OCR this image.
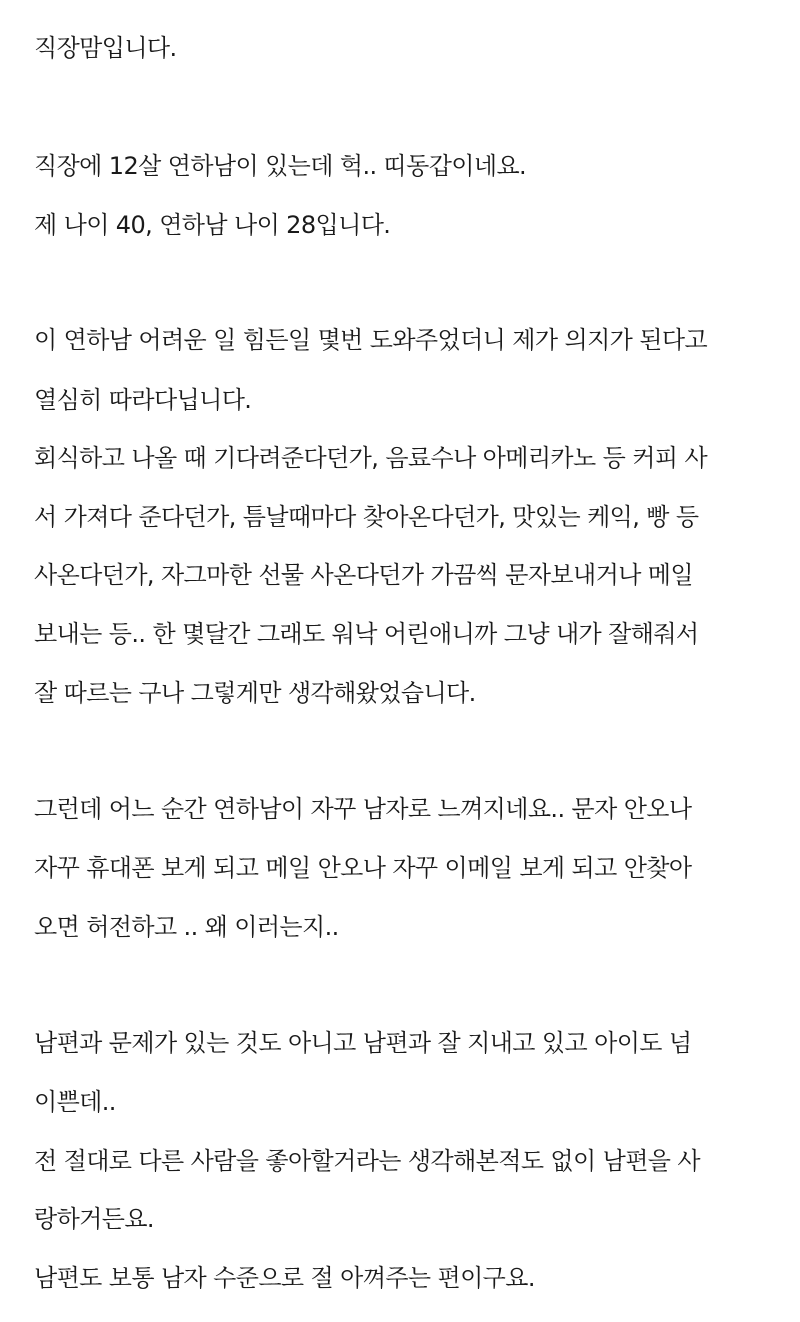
직장맘입니다.
직장에 12살 연하남이 있는데 헉.. 띠동갑이네요.
제 나이 40, 연하남 나이 28입니다.
이 연하남 어려운 일 힘든일 몇번 도와주었더니 제가 의지가 된다고
열심히 따라다닙니다.
회식하고 나올 때 기다려준다던가, 음료수나 아메리카노 등 커피 사
서 가져다 준다던가, 틈날때마다 찾아온다던가, 맛있는 케익, 빵 등
사온다던가, 자그마한 선물 사온다던가 가끔씩 문자보내거나 메일
보내는 등.. 한 몇달간 그래도 워낙 어린애니까 그냥 내가 잘해줘서
잘 따르는 구나 그렇게만 생각해왔었습니다.
그런데 어느 순간 연하남이 자꾸 남자로 느껴지네요.. 문자 안오나
자꾸 휴대폰 보게 되고 메일 안오나 자꾸 이메일 보게 되고 안찾아
오면 허전하고 .. 왜 이러는지..
남편과 문제가 있는 것도 아니고 남편과 잘 지내고 있고 아이도 넘
이쁜데..
전 절대로 다른 사람을 좋아할거라는 생각해본적도 없이 남편을 사
랑하거든요.
남편도 보통 남자 수준으로 절 아껴주는 편이구요.
